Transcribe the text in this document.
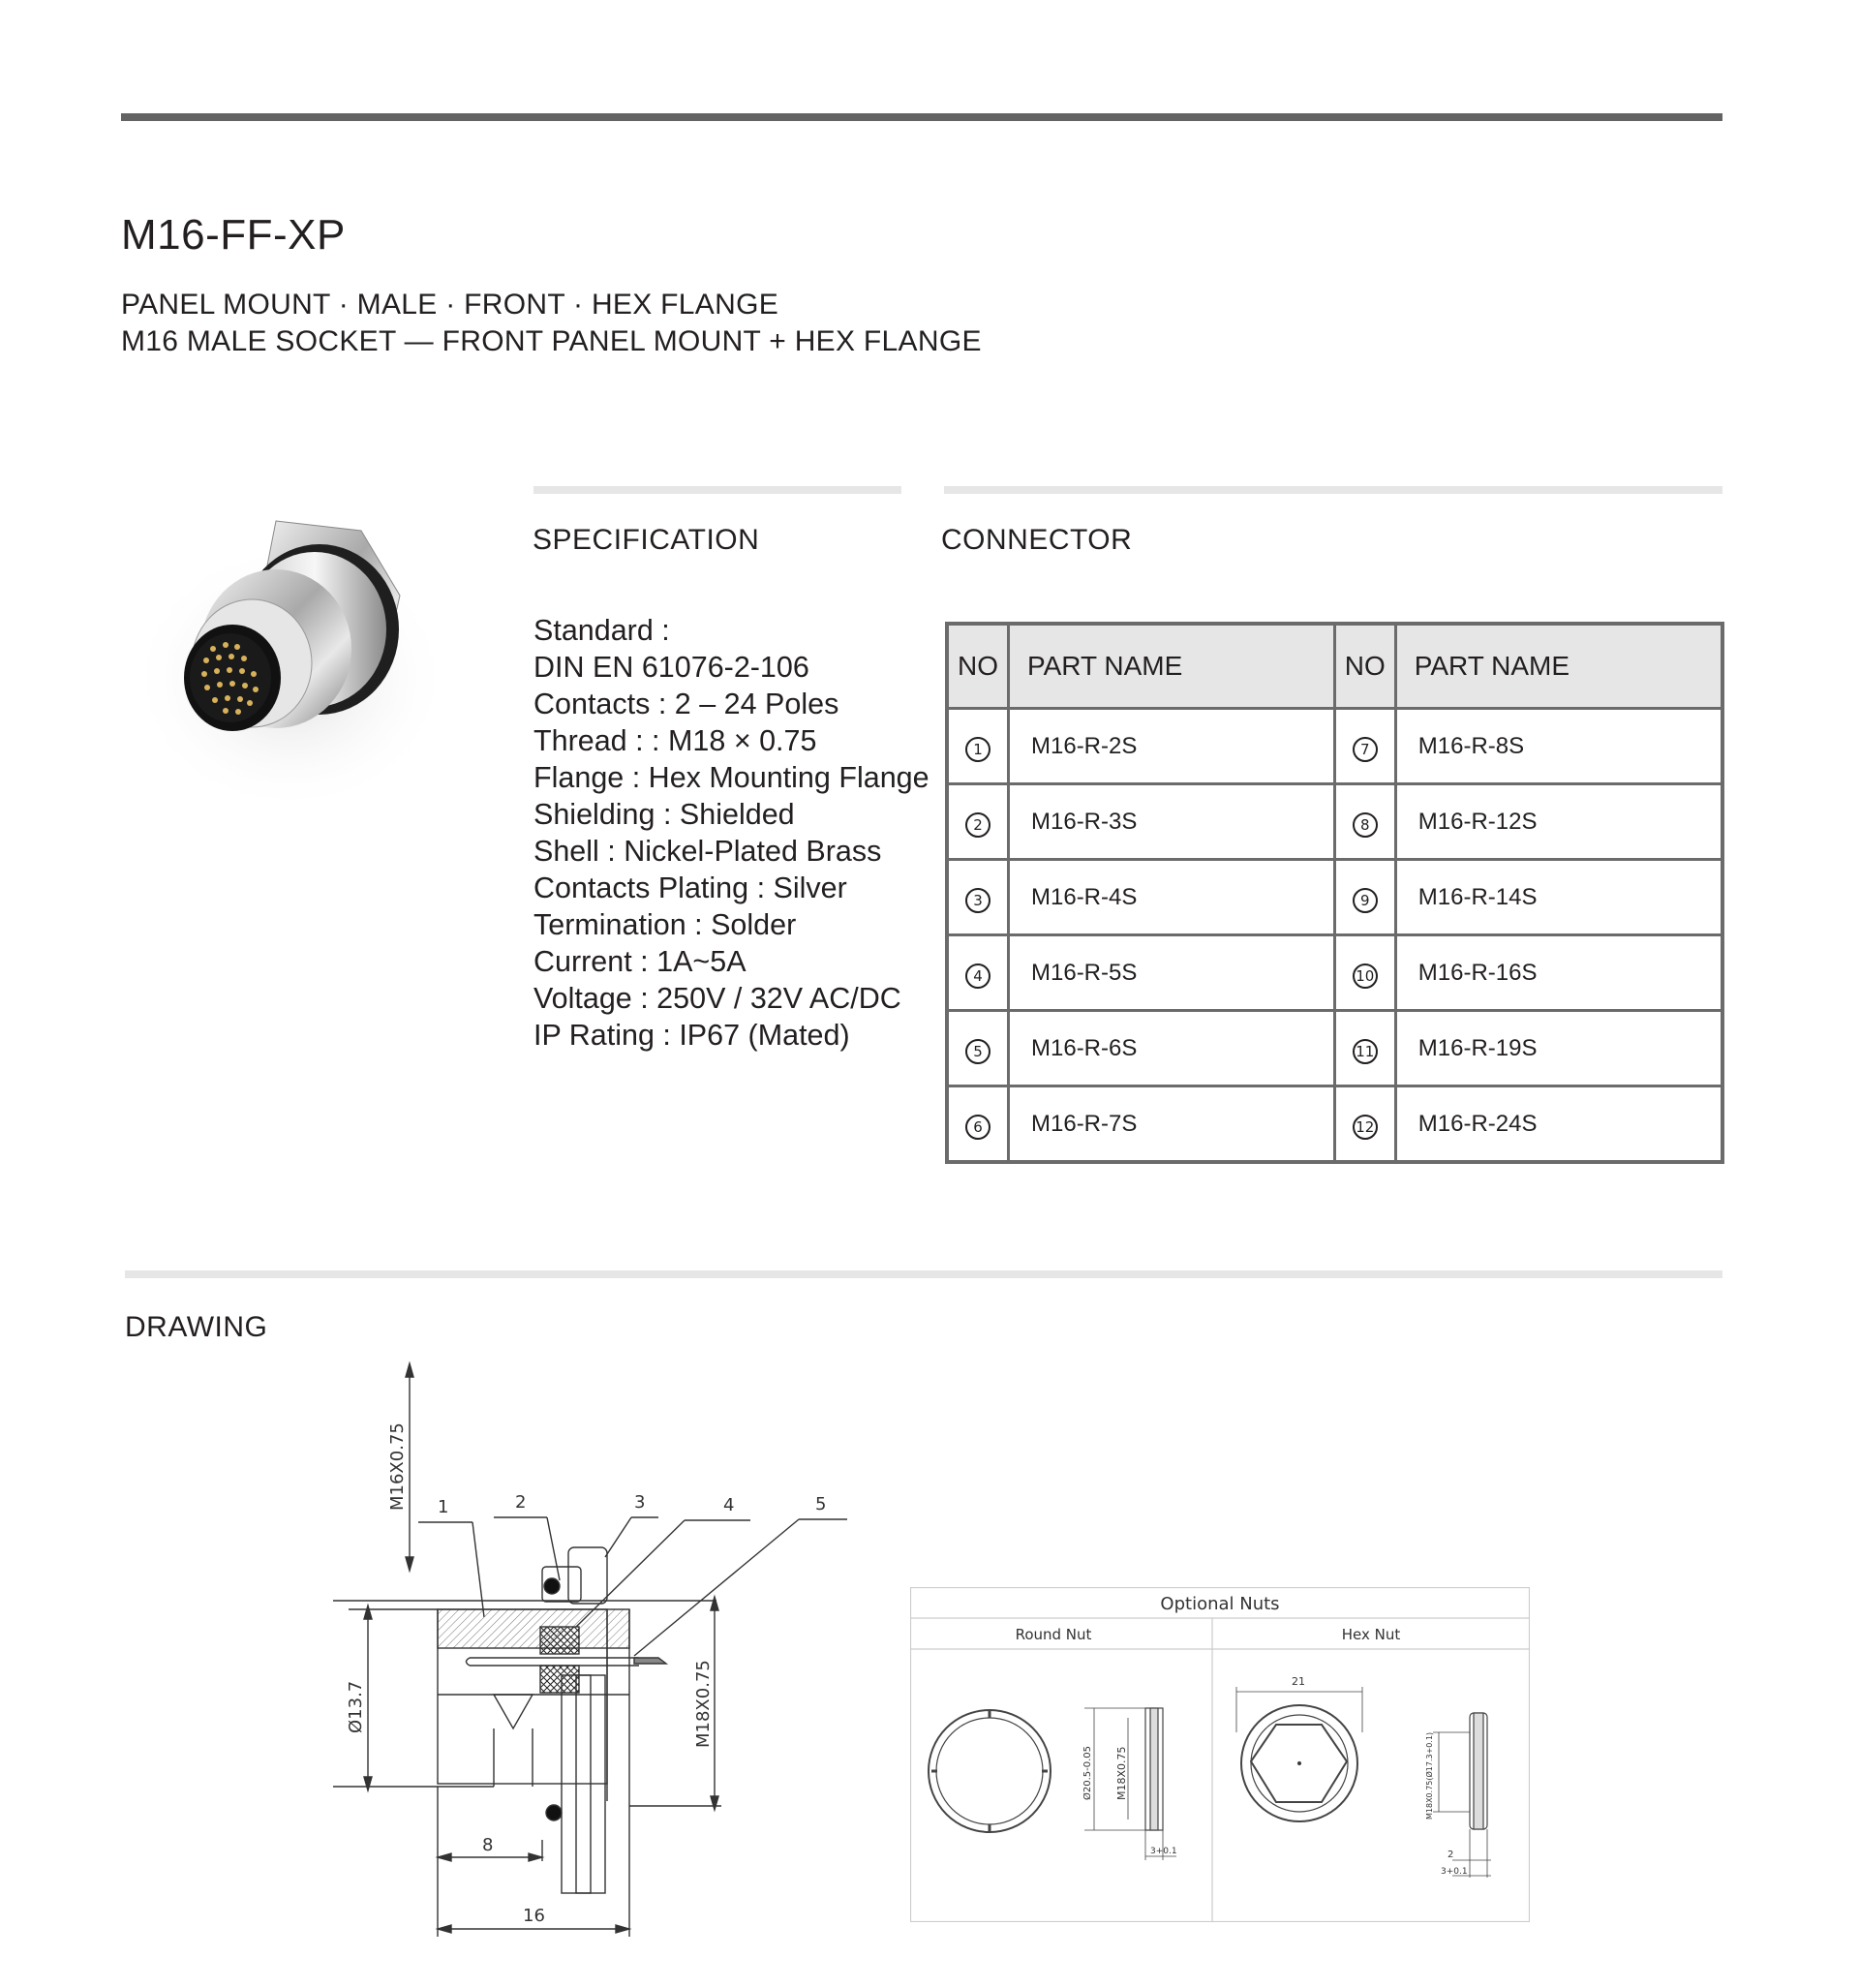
M16-FF-XP
PANEL MOUNT · MALE · FRONT · HEX FLANGE
M16 MALE SOCKET — FRONT PANEL MOUNT + HEX FLANGE
SPECIFICATION	CONNECTOR
Standard :
DIN EN 61076-2-106
Contacts : 2 – 24 Poles
Thread : : M18 × 0.75
Flange : Hex Mounting Flange
Shielding : Shielded
Shell : Nickel-Plated Brass
Contacts Plating : Silver
Termination : Solder
Current : 1A~5A
Voltage : 250V / 32V AC/DC
IP Rating : IP67 (Mated)
NO	PART NAME	NO	PART NAME
1	M16-R-2S	7	M16-R-8S
2	M16-R-3S	8	M16-R-12S
3	M16-R-4S	9	M16-R-14S
4	M16-R-5S	10	M16-R-16S
5	M16-R-6S	11	M16-R-19S
6	M16-R-7S	12	M16-R-24S
DRAWING
M16X0.75 1	2	3	4	5
Ø13.7	M18X0.75
8
16
Optional Nuts
Round Nut	Hex Nut
Ø20.5-0.05 M18X0.75
3+0.1
21
M18X0.75(Ø17.3+0.1)
2
3+0.1
